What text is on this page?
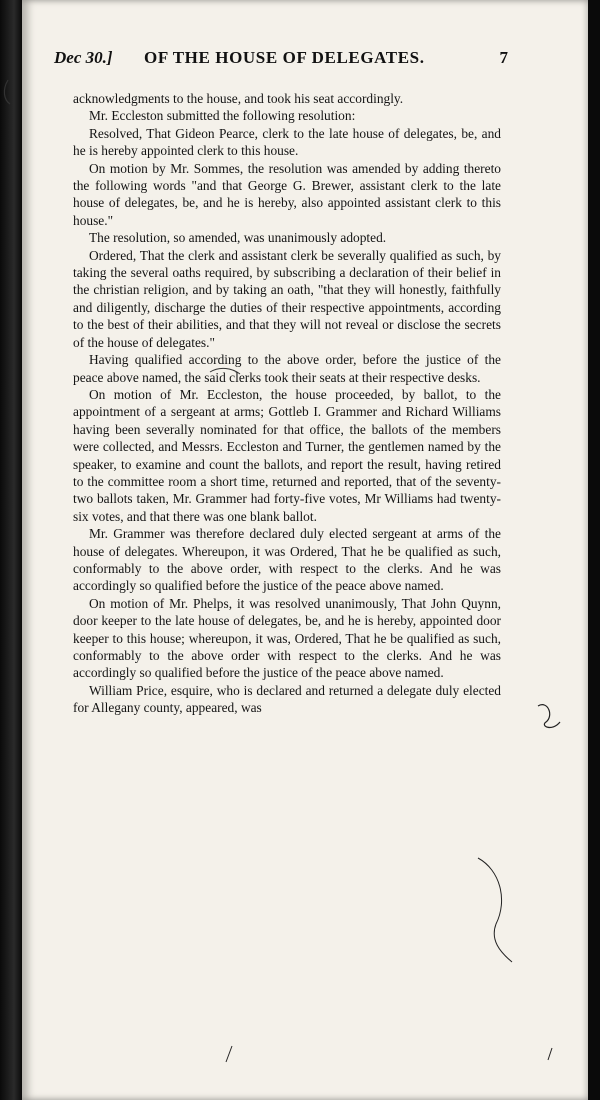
Dec 30.] OF THE HOUSE OF DELEGATES.	7

acknowledgments to the house, and took his seat accordingly.

Mr. Eccleston submitted the following resolution:

Resolved, That Gideon Pearce, clerk to the late house of delegates, be, and he is hereby appointed clerk to this house.

On motion by Mr. Sommes, the resolution was amended by adding thereto the following words "and that George G. Brewer, assistant clerk to the late house of delegates, be, and he is hereby, also appointed assistant clerk to this house."

The resolution, so amended, was unanimously adopted.

Ordered, That the clerk and assistant clerk be severally qualified as such, by taking the several oaths required, by subscribing a declaration of their belief in the christian religion, and by taking an oath, "that they will honestly, faithfully and diligently, discharge the duties of their respective appointments, according to the best of their abilities, and that they will not reveal or disclose the secrets of the house of delegates."

Having qualified according to the above order, before the justice of the peace above named, the said clerks took their seats at their respective desks.

On motion of Mr. Eccleston, the house proceeded, by ballot, to the appointment of a sergeant at arms; Gottleb I. Grammer and Richard Williams having been severally nominated for that office, the ballots of the members were collected, and Messrs. Eccleston and Turner, the gentlemen named by the speaker, to examine and count the ballots, and report the result, having retired to the committee room a short time, returned and reported, that of the seventy-two ballots taken, Mr. Grammer had forty-five votes, Mr Williams had twenty-six votes, and that there was one blank ballot.

Mr. Grammer was therefore declared duly elected sergeant at arms of the house of delegates. Whereupon, it was Ordered, That he be qualified as such, conformably to the above order, with respect to the clerks. And he was accordingly so qualified before the justice of the peace above named.

On motion of Mr. Phelps, it was resolved unanimously, That John Quynn, door keeper to the late house of delegates, be, and he is hereby, appointed door keeper to this house; whereupon, it was, Ordered, That he be qualified as such, conformably to the above order with respect to the clerks. And he was accordingly so qualified before the justice of the peace above named.

William Price, esquire, who is declared and returned a delegate duly elected for Allegany county, appeared, was
